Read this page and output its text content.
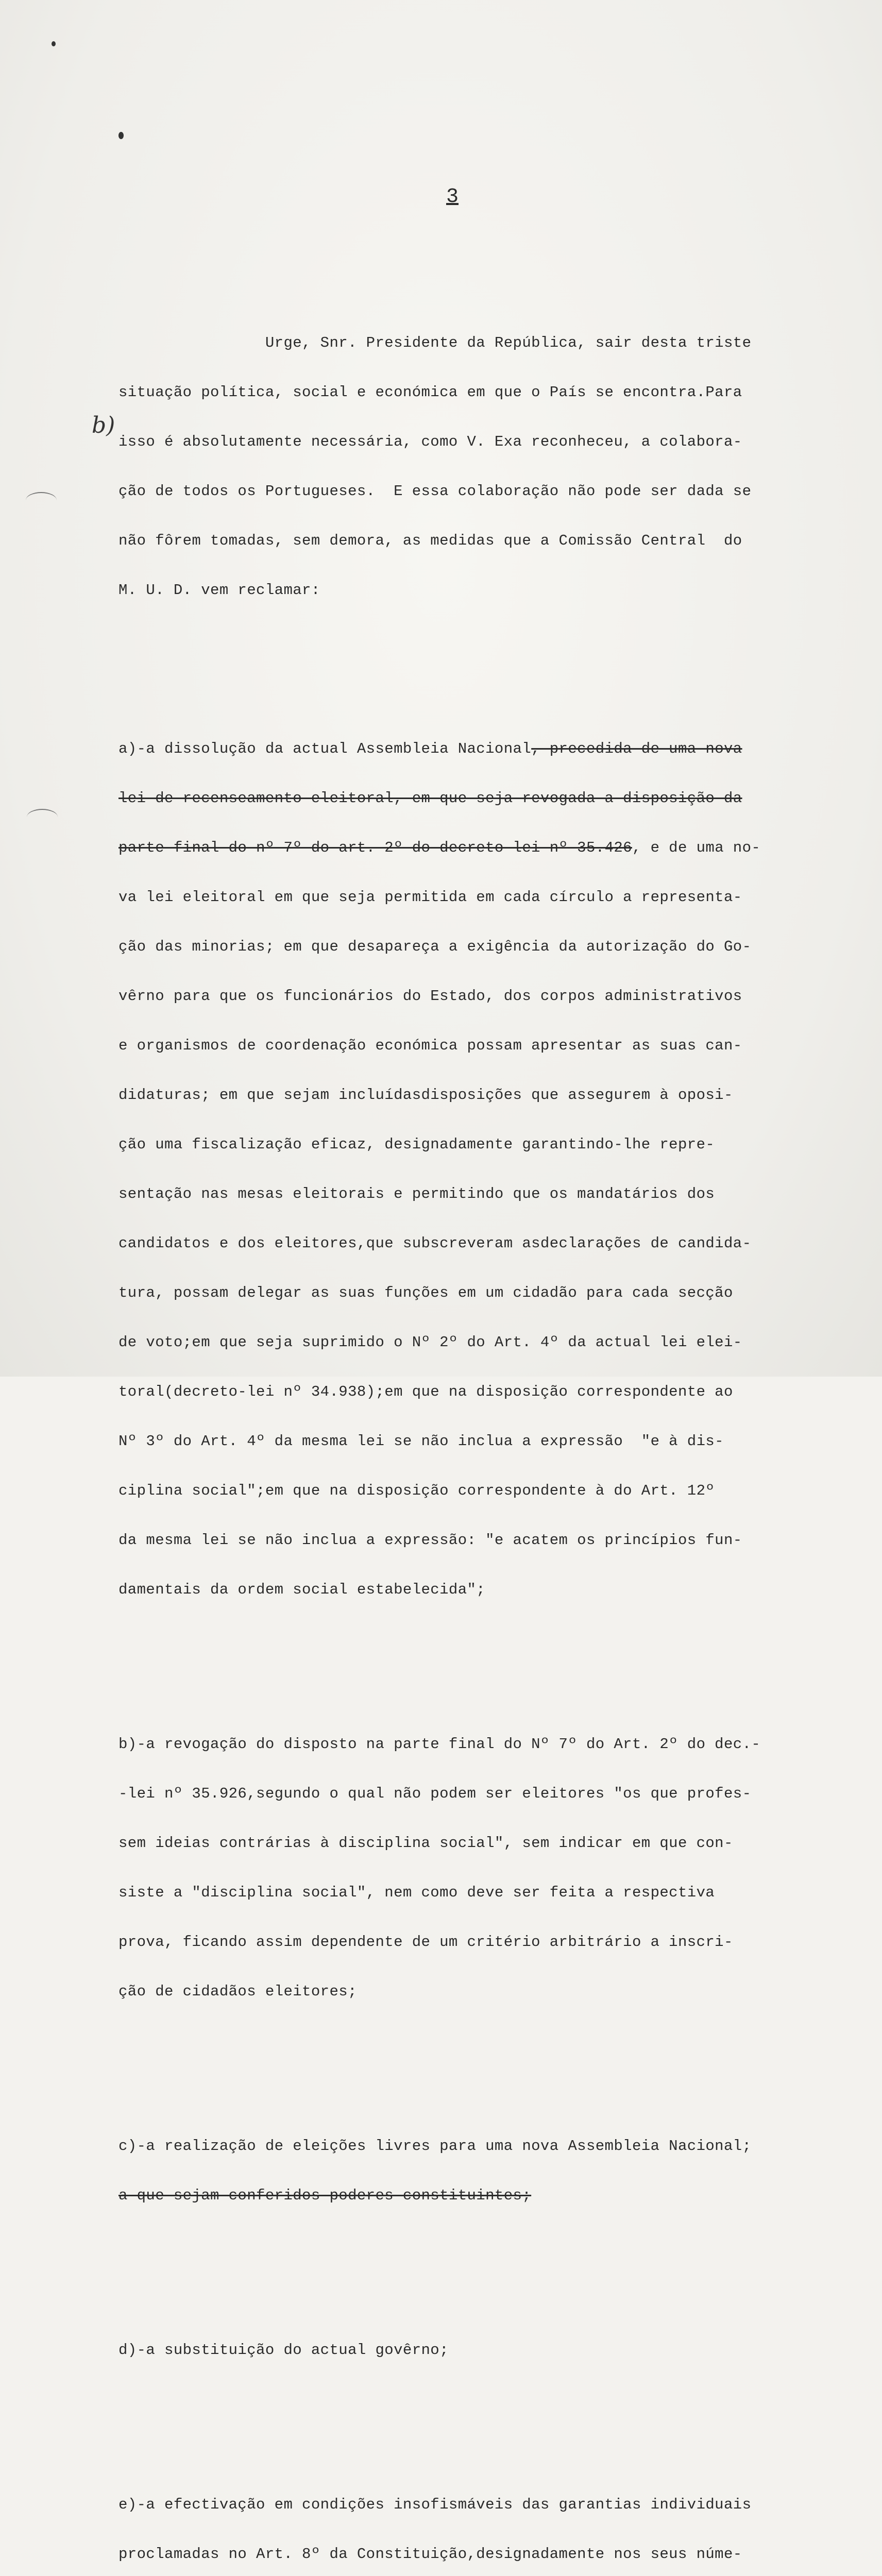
3
b)

Urge, Snr. Presidente da República, sair desta triste

situação política, social e económica em que o País se encontra.Para

isso é absolutamente necessária, como V. Exa reconheceu, a colabora-

ção de todos os Portugueses.  E essa colaboração não pode ser dada se

não fôrem tomadas, sem demora, as medidas que a Comissão Central  do

M. U. D. vem reclamar:

a)-a dissolução da actual Assembleia Nacional, precedida de uma nova

lei de recenseamento eleitoral, em que seja revogada a disposição da

parte final do nº 7º do art. 2º do decreto-lei nº 35.426, e de uma no-

va lei eleitoral em que seja permitida em cada círculo a representa-

ção das minorias; em que desapareça a exigência da autorização do Go-

vêrno para que os funcionários do Estado, dos corpos administrativos

e organismos de coordenação económica possam apresentar as suas can-

didaturas; em que sejam incluídasdisposições que assegurem à oposi-

ção uma fiscalização eficaz, designadamente garantindo-lhe repre-

sentação nas mesas eleitorais e permitindo que os mandatários dos

candidatos e dos eleitores,que subscreveram asdeclarações de candida-

tura, possam delegar as suas funções em um cidadão para cada secção

de voto;em que seja suprimido o Nº 2º do Art. 4º da actual lei elei-

toral(decreto-lei nº 34.938);em que na disposição correspondente ao

Nº 3º do Art. 4º da mesma lei se não inclua a expressão  "e à dis-

ciplina social";em que na disposição correspondente à do Art. 12º

da mesma lei se não inclua a expressão: "e acatem os princípios fun-

damentais da ordem social estabelecida";

b)-a revogação do disposto na parte final do Nº 7º do Art. 2º do dec.-

-lei nº 35.926,segundo o qual não podem ser eleitores "os que profes-

sem ideias contrárias à disciplina social", sem indicar em que con-

siste a "disciplina social", nem como deve ser feita a respectiva

prova, ficando assim dependente de um critério arbitrário a inscri-

ção de cidadãos eleitores;

c)-a realização de eleições livres para uma nova Assembleia Nacional;

a que sejam conferidos poderes constituintes;

d)-a substituição do actual govêrno;

e)-a efectivação em condições insofismáveis das garantias individuais

proclamadas no Art. 8º da Constituição,designadamente nos seus núme-
